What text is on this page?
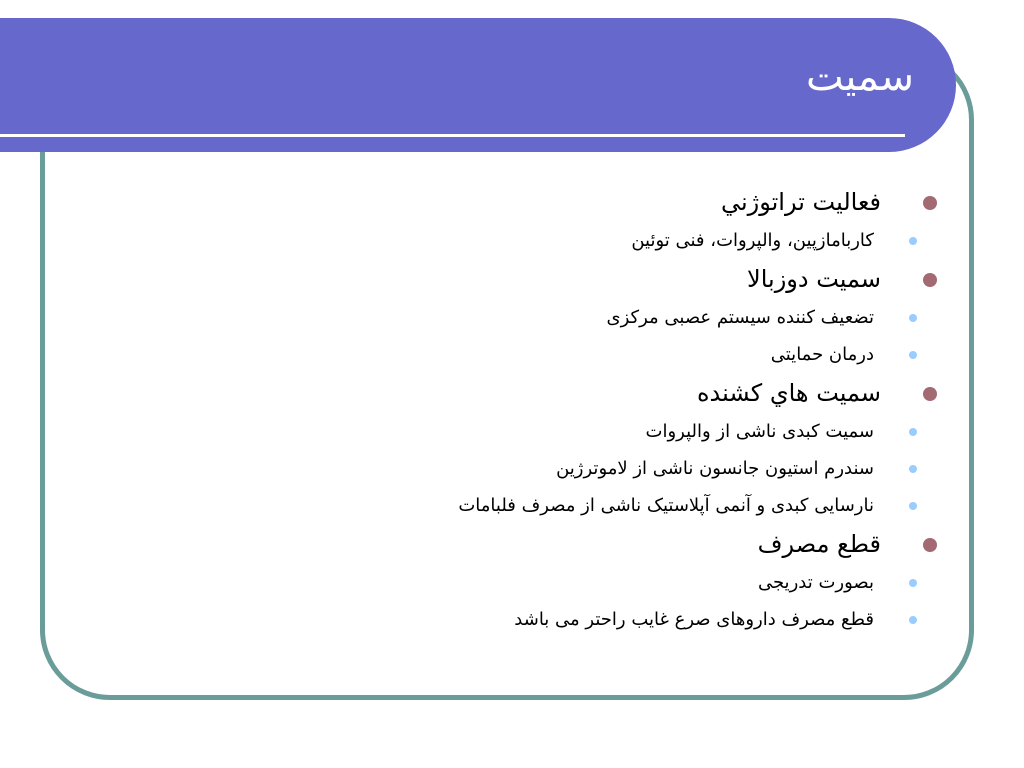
سميت
فعاليت تراتوژني
کاربامازپین، والپروات، فنی توئین
سميت دوزبالا
تضعیف کننده سیستم عصبی مرکزی
درمان حمایتی
سميت هاي کشنده
سمیت کبدی ناشی از والپروات
سندرم استیون جانسون ناشی از لاموترژین
نارسایی کبدی و آنمی آپلاستیک ناشی از مصرف فلبامات
قطع مصرف
بصورت تدریجی
قطع مصرف داروهای صرع غایب راحتر می باشد
